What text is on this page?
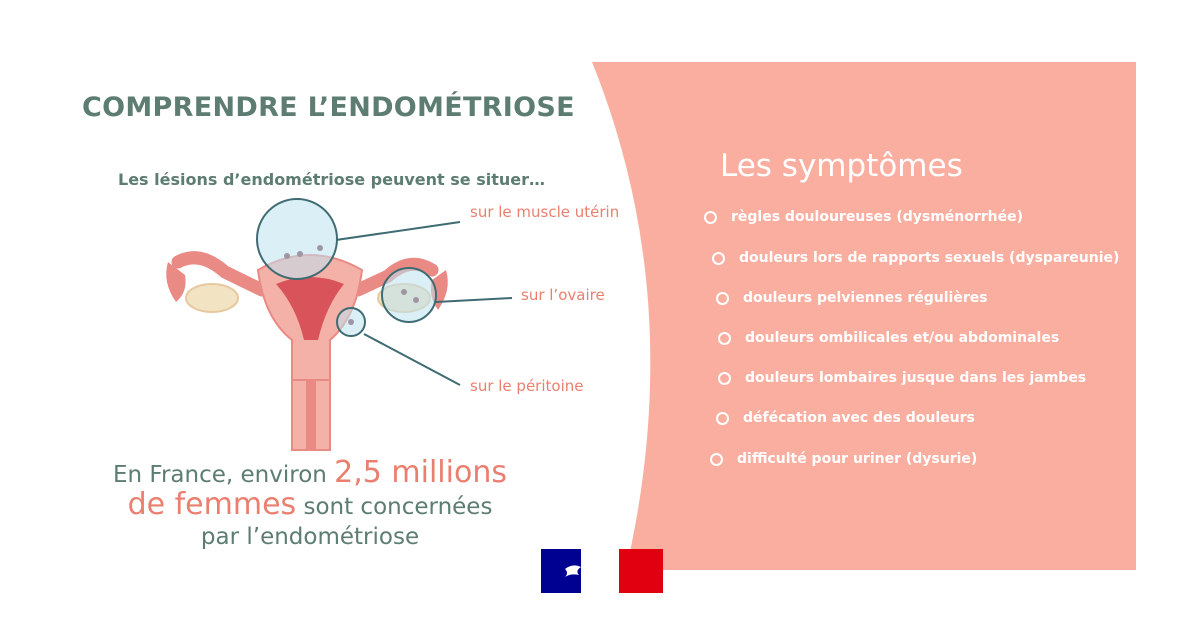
COMPRENDRE L’ENDOMÉTRIOSE
Les lésions d’endométriose peuvent se situer…
sur le muscle utérin
sur l’ovaire
sur le péritoine
En France, environ 2,5 millions
de femmes sont concernées
par l’endométriose
Les symptômes
règles douloureuses (dysménorrhée)
douleurs lors de rapports sexuels (dyspareunie)
douleurs pelviennes régulières
douleurs ombilicales et/ou abdominales
douleurs lombaires jusque dans les jambes
défécation avec des douleurs
difficulté pour uriner (dysurie)
